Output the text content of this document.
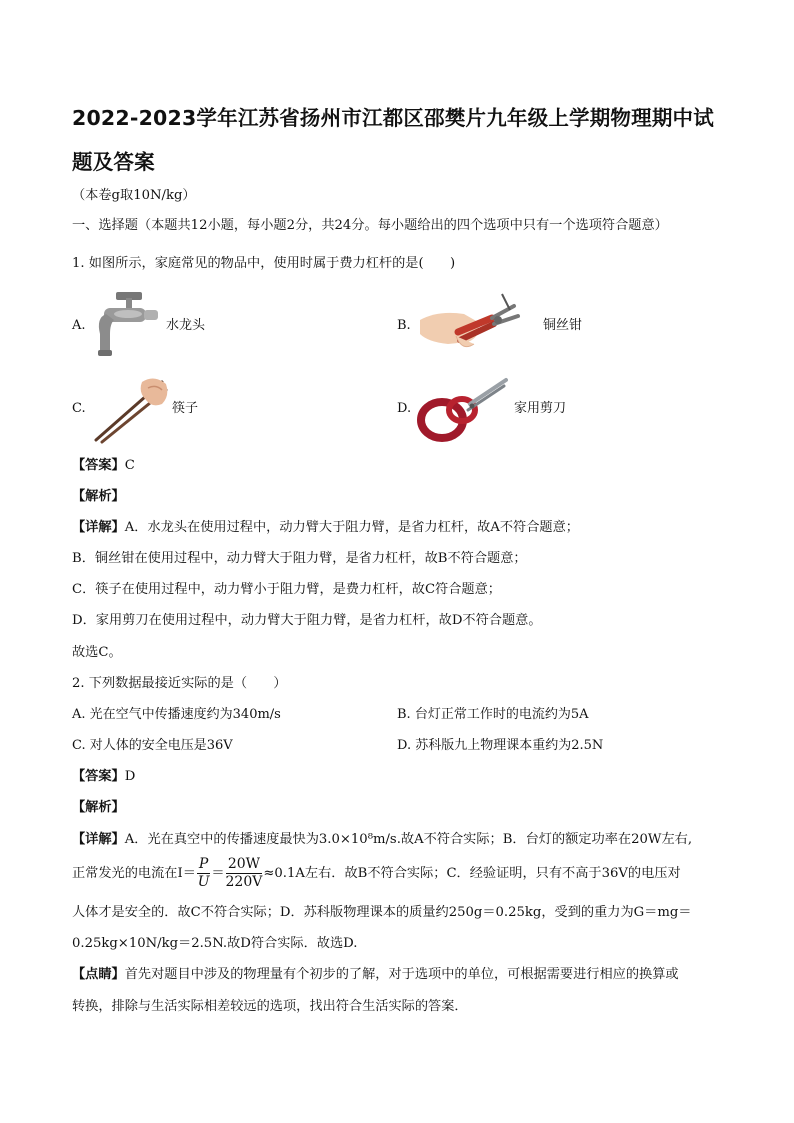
2022-2023学年江苏省扬州市江都区邵樊片九年级上学期物理期中试题及答案
（本卷g取10N/kg）
一、选择题（本题共12小题，每小题2分，共24分。每小题给出的四个选项中只有一个选项符合题意）
1. 如图所示，家庭常见的物品中，使用时属于费力杠杆的是(　　)
A.	水龙头	B.	铜丝钳
C.	筷子	D.	家用剪刀
【答案】C
【解析】
【详解】A．水龙头在使用过程中，动力臂大于阻力臂，是省力杠杆，故A不符合题意；
B．铜丝钳在使用过程中，动力臂大于阻力臂，是省力杠杆，故B不符合题意；
C．筷子在使用过程中，动力臂小于阻力臂，是费力杠杆，故C符合题意；
D．家用剪刀在使用过程中，动力臂大于阻力臂，是省力杠杆，故D不符合题意。
故选C。
2. 下列数据最接近实际的是（　　）
A. 光在空气中传播速度约为340m/s	B. 台灯正常工作时的电流约为5A
C. 对人体的安全电压是36V	D. 苏科版九上物理课本重约为2.5N
【答案】D
【解析】
【详解】A．光在真空中的传播速度最快为3.0×10⁸m/s.故A不符合实际；B．台灯的额定功率在20W左右,
正常发光的电流在$I= \frac{P}{U} = \frac{20W}{220V} \approx 0.1A$左右．故B不符合实际；C．经验证明，只有不高于36V的电压对
人体才是安全的．故C不符合实际；D．苏科版物理课本的质量约250g＝0.25kg，受到的重力为G＝mg＝
0.25kg×10N/kg＝2.5N.故D符合实际．故选D.
【点睛】首先对题目中涉及的物理量有个初步的了解，对于选项中的单位，可根据需要进行相应的换算或
转换，排除与生活实际相差较远的选项，找出符合生活实际的答案．
